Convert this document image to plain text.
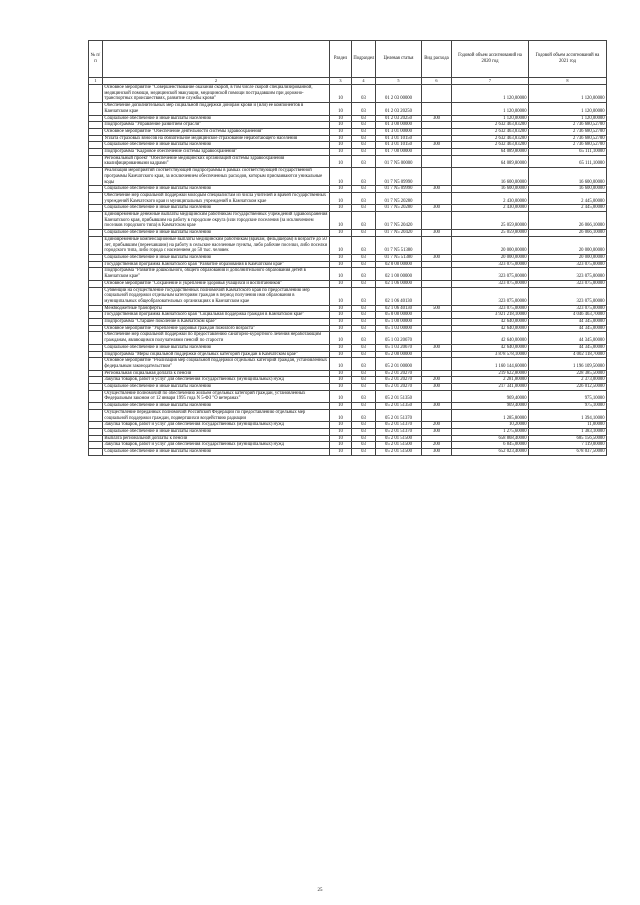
№ п/п		Раздел	Подраздел	Целевая статья	Вид расхода	Годовой объем ассигнований на 2020 год	Годовой объем ассигнований на 2021 год
1	2	3	4	5	6	7	8
	Основное мероприятие "Совершенствование оказания скорой, в том числе скорой специализированной, медицинской помощи, медицинской эвакуации, медицинской помощи пострадавшим при дорожно-транспортных происшествиях, развитие службы крови"	10	03	01 2 03 00000		1 120,00000	1 120,00000
	Обеспечение дополнительных мер социальной поддержки донорам крови и (или) ее компонентов в Камчатском крае	10	03	01 2 03 20250		1 120,00000	1 120,00000
	Социальное обеспечение и иные выплаты населению	10	03	01 2 03 20250	300	1 120,00000	1 120,00000
	Подпрограмма "Управление развитием отрасли"	10	03	01 3 00 00000		2 632 463,83200	2 736 680,52700
	Основное мероприятие "Обеспечение деятельности системы здравоохранения"	10	03	01 3 01 00000		2 632 463,83200	2 736 680,52700
	Уплата страховых взносов на обязательное медицинское страхование неработающего населения	10	03	01 3 01 10150		2 632 463,83200	2 736 680,52700
	Социальное обеспечение и иные выплаты населению	10	03	01 3 01 10150	300	2 632 463,83200	2 736 680,52700
	Подпрограмма "Кадровое обеспечение системы здравоохранения"	10	03	01 7 00 00000		64 089,80000	65 111,10000
	Региональный проект "Обеспечение медицинских организаций системы здравоохранения квалифицированными кадрами"	10	03	01 7 N5 00000		64 089,80000	65 111,10000
	Реализация мероприятий соответствующей подпрограммы в рамках соответствующей государственной программы Камчатского края, за исключением обеспеченных расходов, которым присваиваются уникальные коды	10	03	01 7 N5 09990		16 600,00000	16 600,00000
	Социальное обеспечение и иные выплаты населению	10	03	01 7 N5 09990	300	16 600,00000	16 600,00000
	Обеспечение мер социальной поддержки молодым специалистам из числа учителей и врачей государственных учреждений Камчатского края и муниципальных учреждений в Камчатском крае	10	03	01 7 N5 20280		2 430,00000	2 445,00000
	Социальное обеспечение и иные выплаты населению	10	03	01 7 N5 20280	300	2 430,00000	2 445,00000
	Единовременные денежные выплаты медицинским работникам государственных учреждений здравоохранения Камчатского края, прибывшим на работу в городские округа (или городские поселения (за исключением поселков городского типа) в Камчатском крае	10	03	01 7 N5 20420		25 059,80000	26 066,10000
	Социальное обеспечение и иные выплаты населению	10	03	01 7 N5 20420	300	25 059,80000	26 066,10000
	Единовременные компенсационные выплаты медицинским работникам (врачам, фельдшерам) в возрасте до 50 лет, прибывшим (переехавшим) на работу в сельские населенные пункты, либо рабочие поселки, либо поселки городского типа, либо города с населением до 50 тыс. человек	10	03	01 7 N5 51380		20 000,00000	20 000,00000
	Социальное обеспечение и иные выплаты населению	10	03	01 7 N5 51380	300	20 000,00000	20 000,00000
	Государственная программа Камчатского края "Развитие образования в Камчатском крае"	10	03	02 0 00 00000		323 075,00000	323 075,00000
	Подпрограмма "Развитие дошкольного, общего образования и дополнительного образования детей в Камчатском крае"	10	03	02 1 00 00000		323 075,00000	323 075,00000
	Основное мероприятие "Сохранение и укрепление здоровья учащихся и воспитанников"	10	03	02 1 06 00000		323 075,00000	323 075,00000
	Субвенции на осуществление государственных полномочий Камчатского края по предоставлению мер социальной поддержки отдельным категориям граждан в период получения ими образования в муниципальных общеобразовательных организациях в Камчатском крае	10	03	02 1 06 40130		323 075,00000	323 075,00000
	Межбюджетные трансферты	10	03	02 1 06 40130	500	323 075,00000	323 075,00000
	Государственная программа Камчатского края "Социальная поддержка граждан в Камчатском крае"	10	03	05 0 00 00000		3 921 218,10000	4 046 463,70000
	Подпрограмма "Старшее поколение в Камчатском крае"	10	03	05 1 00 00000		42 640,00000	44 345,00000
	Основное мероприятие "Укрепление здоровья граждан пожилого возраста"	10	03	05 1 03 00000		42 640,00000	44 345,00000
	Обеспечение мер социальной поддержки по предоставлению санаторно-курортного лечения неработающим гражданам, являющимся получателями пенсий по старости	10	03	05 1 03 20670		42 640,00000	44 345,00000
	Социальное обеспечение и иные выплаты населению	10	03	05 1 03 20670	300	42 640,00000	44 345,00000
	Подпрограмма "Меры социальной поддержки отдельных категорий граждан в Камчатском крае"	10	03	05 2 00 00000		3 878 578,10000	4 002 118,70000
	Основное мероприятие "Реализация мер социальной поддержки отдельных категорий граждан, установленных федеральным законодательством"	10	03	05 2 01 00000		1 160 144,60000	1 196 109,50000
	Региональная социальная доплата к пенсии	10	03	05 2 01 20270		219 622,80000	228 385,50000
	Закупка товаров, работ и услуг для обеспечения государственных (муниципальных) нужд	10	03	05 2 01 20270	200	2 281,80000	2 373,00000
	Социальное обеспечение и иные выплаты населению	10	03	05 2 01 20270	300	217 341,00000	226 012,50000
	Осуществление полномочий по обеспечению жильем отдельных категорий граждан, установленных Федеральным законом от 12 января 1995 года N 5-ФЗ "О ветеранах"	10	03	05 2 01 51350		969,40000	975,10000
	Социальное обеспечение и иные выплаты населению	10	03	05 2 01 51350	300	969,40000	975,10000
	Осуществление переданных полномочий Российской Федерации по предоставлению отдельных мер социальной поддержки граждан, подвергшихся воздействию радиации	10	03	05 2 01 51370		1 285,80000	1 394,10000
	Закупка товаров, работ и услуг для обеспечения государственных (муниципальных) нужд	10	03	05 2 01 51370	200	10,20000	11,00000
	Социальное обеспечение и иные выплаты населению	10	03	05 2 01 51370	300	1 275,60000	1 383,10000
	Выплата региональной доплаты к пенсии	10	03	05 2 01 51500		658 868,40000	685 156,50000
	Закупка товаров, работ и услуг для обеспечения государственных (муниципальных) нужд	10	03	05 2 01 51500	200	6 845,00000	7 119,00000
	Социальное обеспечение и иные выплаты населению	10	03	05 2 01 51500	300	652 023,40000	678 037,50000
25
